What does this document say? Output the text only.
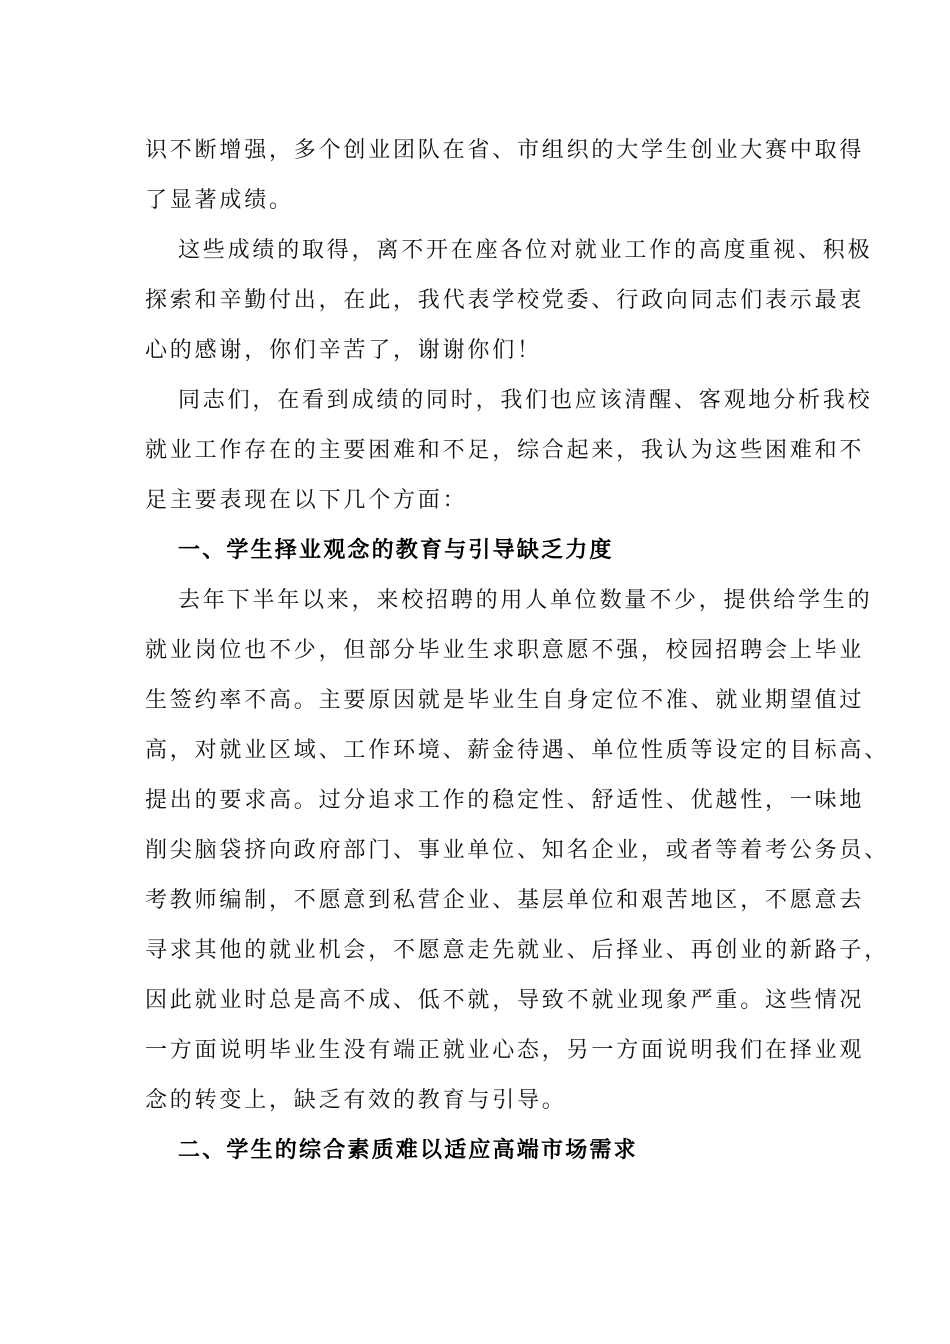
识不断增强，多个创业团队在省、市组织的大学生创业大赛中取得
了显著成绩。
这些成绩的取得，离不开在座各位对就业工作的高度重视、积极
探索和辛勤付出，在此，我代表学校党委、行政向同志们表示最衷
心的感谢，你们辛苦了，谢谢你们！
同志们，在看到成绩的同时，我们也应该清醒、客观地分析我校
就业工作存在的主要困难和不足，综合起来，我认为这些困难和不
足主要表现在以下几个方面：
一、学生择业观念的教育与引导缺乏力度
去年下半年以来，来校招聘的用人单位数量不少，提供给学生的
就业岗位也不少，但部分毕业生求职意愿不强，校园招聘会上毕业
生签约率不高。主要原因就是毕业生自身定位不准、就业期望值过
高，对就业区域、工作环境、薪金待遇、单位性质等设定的目标高、
提出的要求高。过分追求工作的稳定性、舒适性、优越性，一味地
削尖脑袋挤向政府部门、事业单位、知名企业，或者等着考公务员、
考教师编制，不愿意到私营企业、基层单位和艰苦地区，不愿意去
寻求其他的就业机会，不愿意走先就业、后择业、再创业的新路子，
因此就业时总是高不成、低不就，导致不就业现象严重。这些情况
一方面说明毕业生没有端正就业心态，另一方面说明我们在择业观
念的转变上，缺乏有效的教育与引导。
二、学生的综合素质难以适应高端市场需求
